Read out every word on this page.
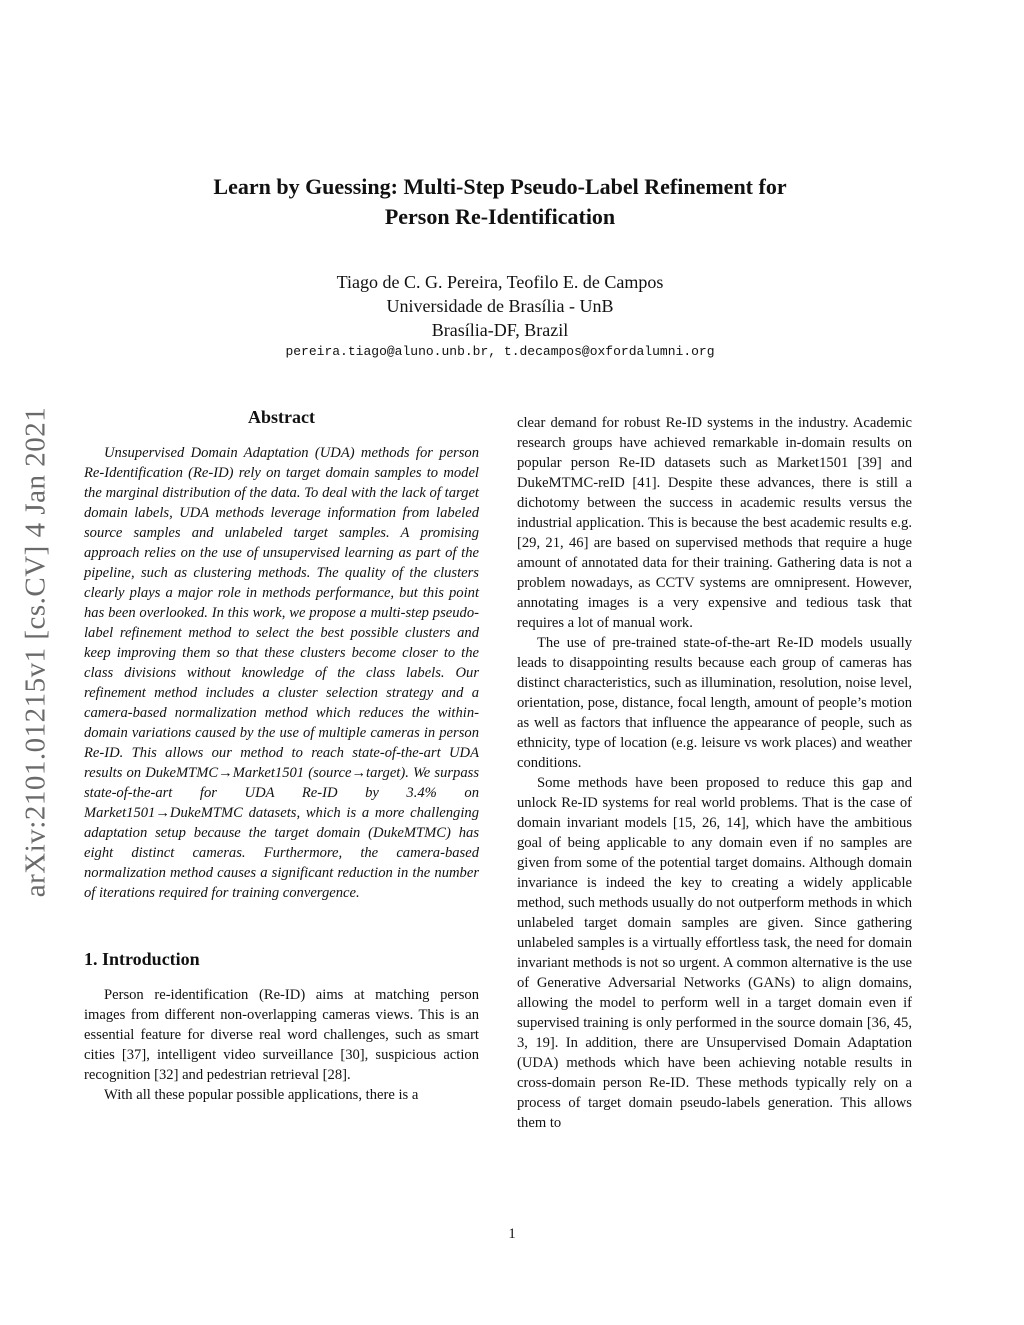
arXiv:2101.01215v1 [cs.CV] 4 Jan 2021
Learn by Guessing: Multi-Step Pseudo-Label Refinement for
Person Re-Identification
Tiago de C. G. Pereira, Teofilo E. de Campos
Universidade de Brasília - UnB
Brasília-DF, Brazil
pereira.tiago@aluno.unb.br, t.decampos@oxfordalumni.org
Abstract

Unsupervised Domain Adaptation (UDA) methods for person Re-Identification (Re-ID) rely on target domain samples to model the marginal distribution of the data. To deal with the lack of target domain labels, UDA methods leverage information from labeled source samples and unlabeled target samples. A promising approach relies on the use of unsupervised learning as part of the pipeline, such as clustering methods. The quality of the clusters clearly plays a major role in methods performance, but this point has been overlooked. In this work, we propose a multi-step pseudo-label refinement method to select the best possible clusters and keep improving them so that these clusters become closer to the class divisions without knowledge of the class labels. Our refinement method includes a cluster selection strategy and a camera-based normalization method which reduces the within-domain variations caused by the use of multiple cameras in person Re-ID. This allows our method to reach state-of-the-art UDA results on DukeMTMC→Market1501 (source→target). We surpass state-of-the-art for UDA Re-ID by 3.4% on Market1501→DukeMTMC datasets, which is a more challenging adaptation setup because the target domain (DukeMTMC) has eight distinct cameras. Furthermore, the camera-based normalization method causes a significant reduction in the number of iterations required for training convergence.

1. Introduction

Person re-identification (Re-ID) aims at matching person images from different non-overlapping cameras views. This is an essential feature for diverse real word challenges, such as smart cities [37], intelligent video surveillance [30], suspicious action recognition [32] and pedestrian retrieval [28].

With all these popular possible applications, there is a

clear demand for robust Re-ID systems in the industry. Academic research groups have achieved remarkable in-domain results on popular person Re-ID datasets such as Market1501 [39] and DukeMTMC-reID [41]. Despite these advances, there is still a dichotomy between the success in academic results versus the industrial application. This is because the best academic results e.g. [29, 21, 46] are based on supervised methods that require a huge amount of annotated data for their training. Gathering data is not a problem nowadays, as CCTV systems are omnipresent. However, annotating images is a very expensive and tedious task that requires a lot of manual work.

The use of pre-trained state-of-the-art Re-ID models usually leads to disappointing results because each group of cameras has distinct characteristics, such as illumination, resolution, noise level, orientation, pose, distance, focal length, amount of people’s motion as well as factors that influence the appearance of people, such as ethnicity, type of location (e.g. leisure vs work places) and weather conditions.

Some methods have been proposed to reduce this gap and unlock Re-ID systems for real world problems. That is the case of domain invariant models [15, 26, 14], which have the ambitious goal of being applicable to any domain even if no samples are given from some of the potential target domains. Although domain invariance is indeed the key to creating a widely applicable method, such methods usually do not outperform methods in which unlabeled target domain samples are given. Since gathering unlabeled samples is a virtually effortless task, the need for domain invariant methods is not so urgent. A common alternative is the use of Generative Adversarial Networks (GANs) to align domains, allowing the model to perform well in a target domain even if supervised training is only performed in the source domain [36, 45, 3, 19]. In addition, there are Unsupervised Domain Adaptation (UDA) methods which have been achieving notable results in cross-domain person Re-ID. These methods typically rely on a process of target domain pseudo-labels generation. This allows them to

1
